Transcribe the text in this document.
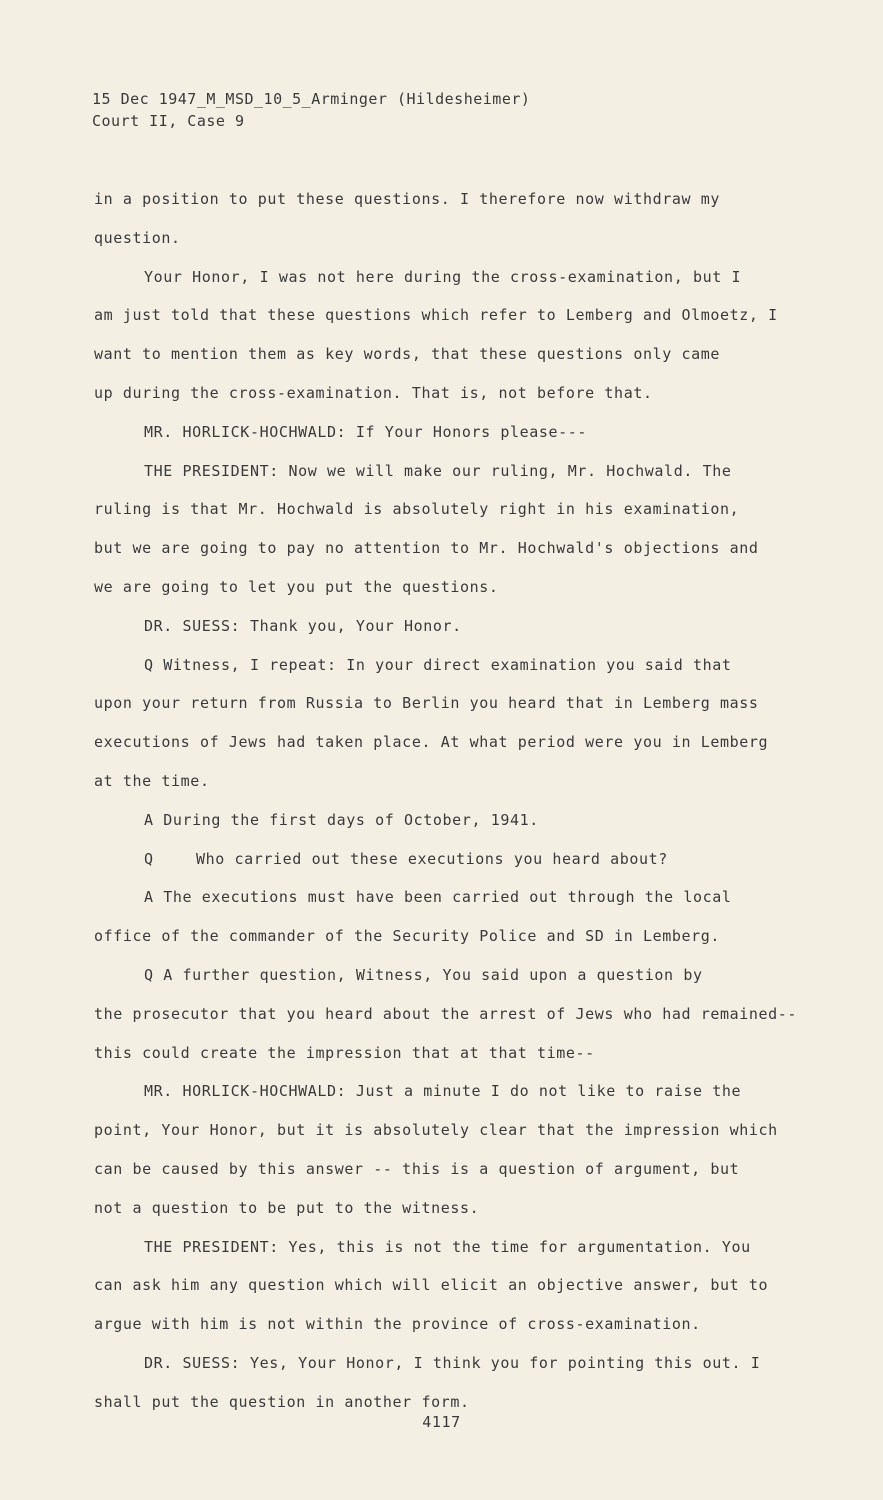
15 Dec 1947_M_MSD_10_5_Arminger (Hildesheimer)
Court II, Case 9
in a position to put these questions. I therefore now withdraw my
question.
Your Honor, I was not here during the cross-examination, but I
am just told that these questions which refer to Lemberg and Olmoetz, I
want to mention them as key words, that these questions only came
up during the cross-examination. That is, not before that.
MR. HORLICK-HOCHWALD: If Your Honors please---
THE PRESIDENT: Now we will make our ruling, Mr. Hochwald. The
ruling is that Mr. Hochwald is absolutely right in his examination,
but we are going to pay no attention to Mr. Hochwald's objections and
we are going to let you put the questions.
DR. SUESS: Thank you, Your Honor.
Q Witness, I repeat: In your direct examination you said that
upon your return from Russia to Berlin you heard that in Lemberg mass
executions of Jews had taken place. At what period were you in Lemberg
at the time.
A During the first days of October, 1941.
Q	Who carried out these executions you heard about?
A The executions must have been carried out through the local
office of the commander of the Security Police and SD in Lemberg.
Q A further question, Witness, You said upon a question by
the prosecutor that you heard about the arrest of Jews who had remained--
this could create the impression that at that time--
MR. HORLICK-HOCHWALD: Just a minute I do not like to raise the
point, Your Honor, but it is absolutely clear that the impression which
can be caused by this answer -- this is a question of argument, but
not a question to be put to the witness.
THE PRESIDENT: Yes, this is not the time for argumentation. You
can ask him any question which will elicit an objective answer, but to
argue with him is not within the province of cross-examination.
DR. SUESS: Yes, Your Honor, I think you for pointing this out. I
shall put the question in another form.
4117
